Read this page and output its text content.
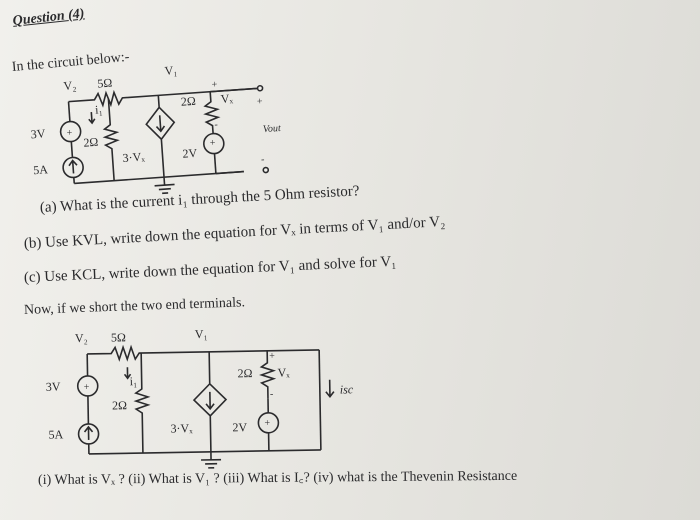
Question (4)
In the circuit below:-
V₂ 5Ω
V₁
3V +
i₁
2Ω
5A
3·Vₓ
2Ω Vₓ
+
-
2V
+
+
Vout
-
V₂ 5Ω	V₁
3V +	i₁
2Ω
5A	3·Vₓ
2Ω Vₓ
+
-
2V +
isc
(a) What is the current i₁ through the 5 Ohm resistor?
(b) Use KVL, write down the equation for Vₓ in terms of V₁ and/or V₂
(c) Use KCL, write down the equation for V₁ and solve for V₁
Now, if we short the two end terminals.
(i) What is Vₓ ? (ii) What is V₁ ? (iii) What is I꜀? (iv) what is the Thevenin Resistance
